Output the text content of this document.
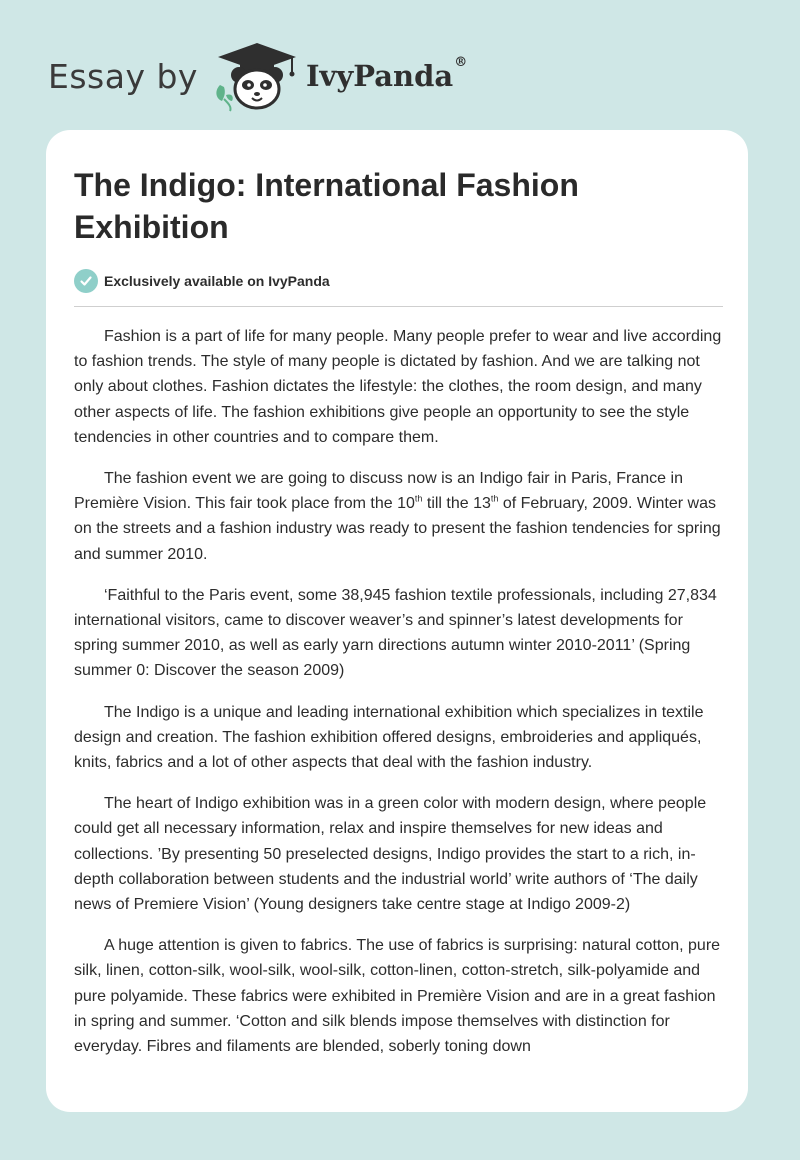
Essay by	IvyPanda®
The Indigo: International Fashion Exhibition
Exclusively available on IvyPanda

Fashion is a part of life for many people. Many people prefer to wear and live according to fashion trends. The style of many people is dictated by fashion. And we are talking not only about clothes. Fashion dictates the lifestyle: the clothes, the room design, and many other aspects of life. The fashion exhibitions give people an opportunity to see the style tendencies in other countries and to compare them.

The fashion event we are going to discuss now is an Indigo fair in Paris, France in Première Vision. This fair took place from the 10th till the 13th of February, 2009. Winter was on the streets and a fashion industry was ready to present the fashion tendencies for spring and summer 2010.

‘Faithful to the Paris event, some 38,945 fashion textile professionals, including 27,834 international visitors, came to discover weaver’s and spinner’s latest developments for spring summer 2010, as well as early yarn directions autumn winter 2010-2011’ (Spring summer 0: Discover the season 2009)

The Indigo is a unique and leading international exhibition which specializes in textile design and creation. The fashion exhibition offered designs, embroideries and appliqués, knits, fabrics and a lot of other aspects that deal with the fashion industry.

The heart of Indigo exhibition was in a green color with modern design, where people could get all necessary information, relax and inspire themselves for new ideas and collections. ’By presenting 50 preselected designs, Indigo provides the start to a rich, in-depth collaboration between students and the industrial world’ write authors of ‘The daily news of Premiere Vision’ (Young designers take centre stage at Indigo 2009-2)

A huge attention is given to fabrics. The use of fabrics is surprising: natural cotton, pure silk, linen, cotton-silk, wool-silk, wool-silk, cotton-linen, cotton-stretch, silk-polyamide and pure polyamide. These fabrics were exhibited in Première Vision and are in a great fashion in spring and summer. ‘Cotton and silk blends impose themselves with distinction for everyday. Fibres and filaments are blended, soberly toning down
